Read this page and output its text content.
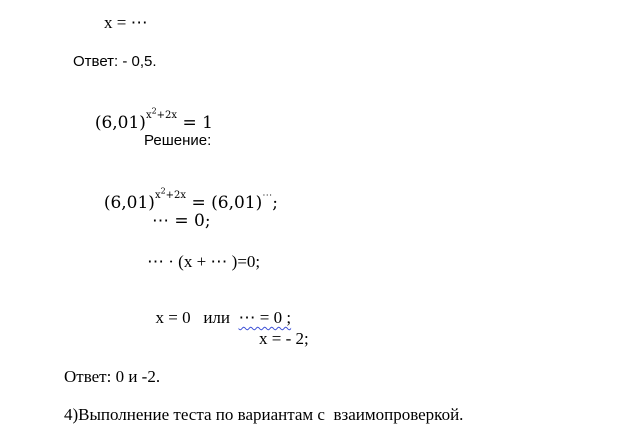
x = ⋯
Ответ: - 0,5.

$(6,01)^{x^2+2x} = 1$

Решение:

$(6,01)^{x^2+2x} = (6,01)^\cdots$;

⋯ = 0;
⋯ · (x + ⋯ )=0;

x = 0   или  ⋯ = 0 ;

x = - 2;
Ответ: 0 и -2.
4)Выполнение теста по вариантам с  взаимопроверкой.
